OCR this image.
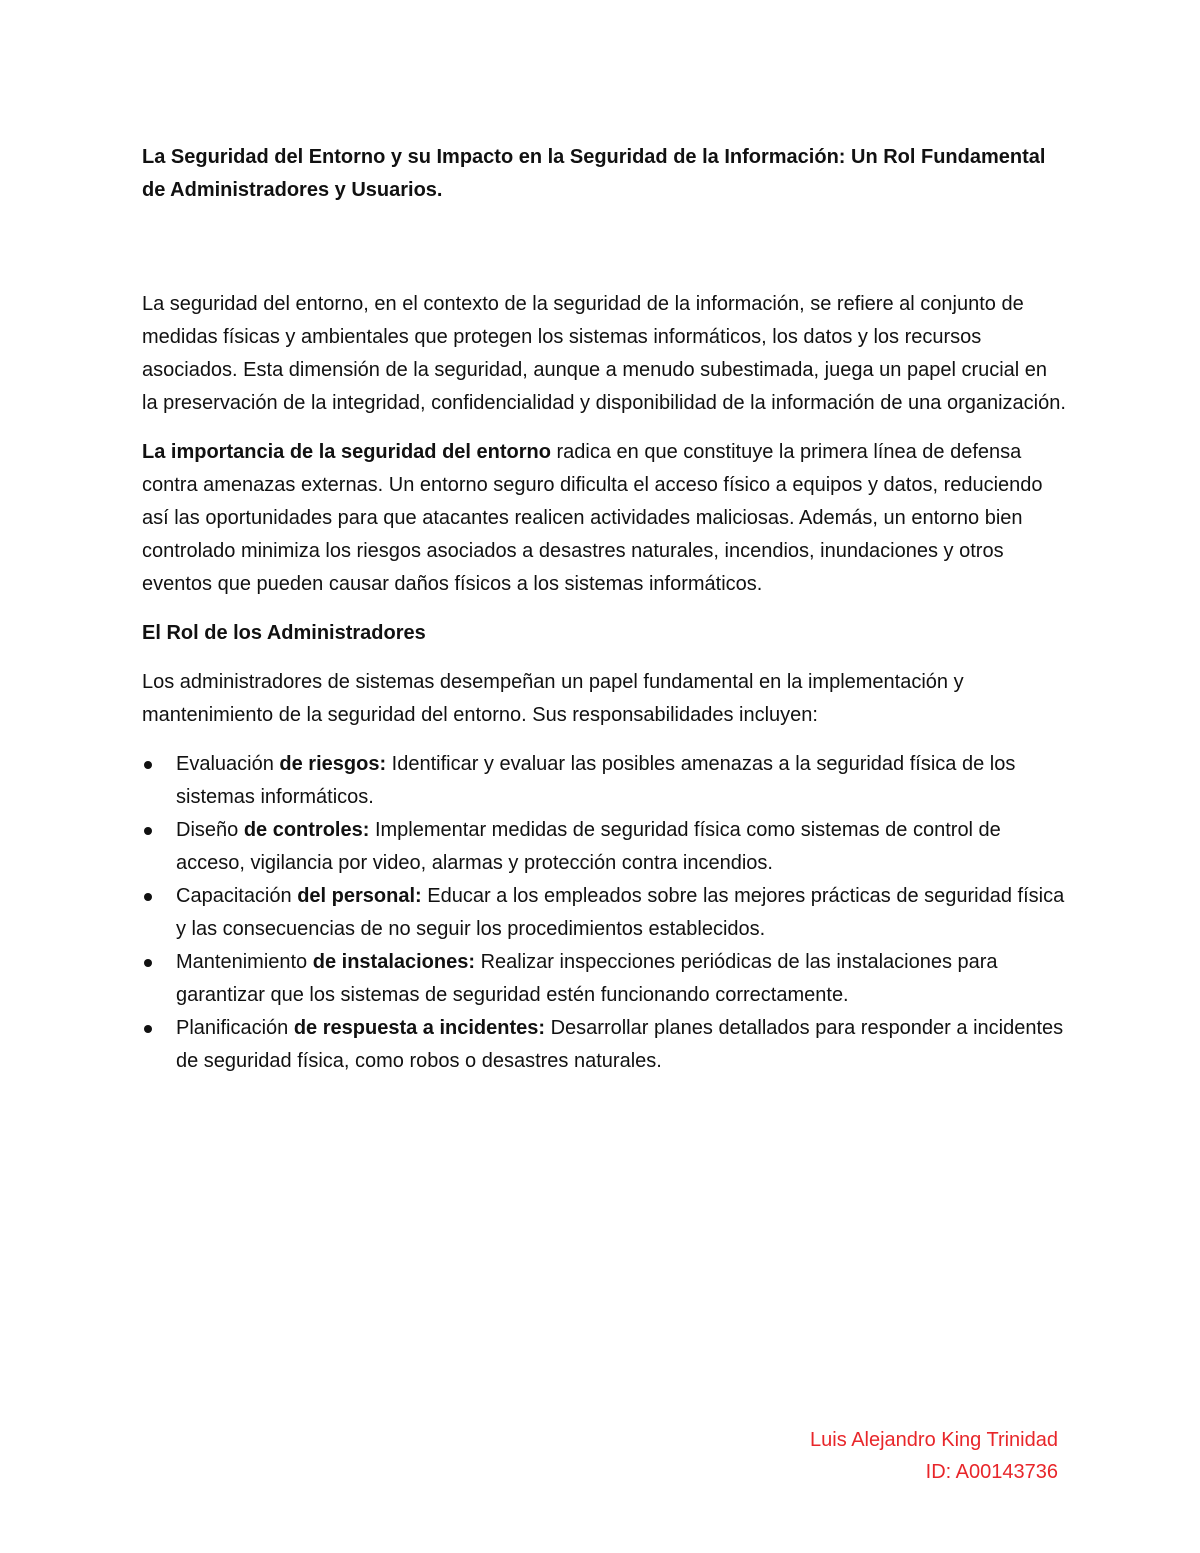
La Seguridad del Entorno y su Impacto en la Seguridad de la Información: Un Rol Fundamental de Administradores y Usuarios.

La seguridad del entorno, en el contexto de la seguridad de la información, se refiere al conjunto de medidas físicas y ambientales que protegen los sistemas informáticos, los datos y los recursos asociados. Esta dimensión de la seguridad, aunque a menudo subestimada, juega un papel crucial en la preservación de la integridad, confidencialidad y disponibilidad de la información de una organización.

La importancia de la seguridad del entorno radica en que constituye la primera línea de defensa contra amenazas externas. Un entorno seguro dificulta el acceso físico a equipos y datos, reduciendo así las oportunidades para que atacantes realicen actividades maliciosas. Además, un entorno bien controlado minimiza los riesgos asociados a desastres naturales, incendios, inundaciones y otros eventos que pueden causar daños físicos a los sistemas informáticos.

El Rol de los Administradores

Los administradores de sistemas desempeñan un papel fundamental en la implementación y mantenimiento de la seguridad del entorno. Sus responsabilidades incluyen:

Evaluación de riesgos: Identificar y evaluar las posibles amenazas a la seguridad física de los sistemas informáticos.
Diseño de controles: Implementar medidas de seguridad física como sistemas de control de acceso, vigilancia por video, alarmas y protección contra incendios.
Capacitación del personal: Educar a los empleados sobre las mejores prácticas de seguridad física y las consecuencias de no seguir los procedimientos establecidos.
Mantenimiento de instalaciones: Realizar inspecciones periódicas de las instalaciones para garantizar que los sistemas de seguridad estén funcionando correctamente.
Planificación de respuesta a incidentes: Desarrollar planes detallados para responder a incidentes de seguridad física, como robos o desastres naturales.
Luis Alejandro King Trinidad
ID: A00143736
